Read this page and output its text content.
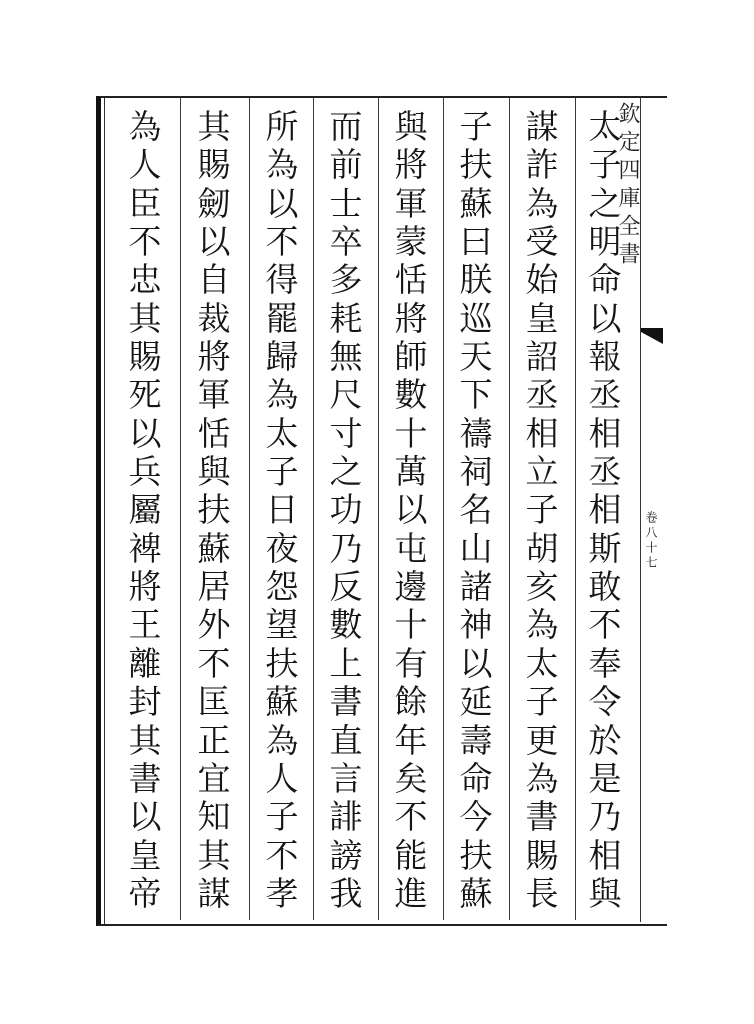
欽定四庫全書
卷八十七
太
子
之
明
命
以
報
丞
相
丞
相
斯
敢
不
奉
令
於
是
乃
相
與
謀
詐
為
受
始
皇
詔
丞
相
立
子
胡
亥
為
太
子
更
為
書
賜
長
子
扶
蘇
曰
朕
巡
天
下
禱
祠
名
山
諸
神
以
延
壽
命
今
扶
蘇
與
將
軍
蒙
恬
將
師
數
十
萬
以
屯
邊
十
有
餘
年
矣
不
能
進
而
前
士
卒
多
耗
無
尺
寸
之
功
乃
反
數
上
書
直
言
誹
謗
我
所
為
以
不
得
罷
歸
為
太
子
日
夜
怨
望
扶
蘇
為
人
子
不
孝
其
賜
劒
以
自
裁
將
軍
恬
與
扶
蘇
居
外
不
匡
正
宜
知
其
謀
為
人
臣
不
忠
其
賜
死
以
兵
屬
裨
將
王
離
封
其
書
以
皇
帝
